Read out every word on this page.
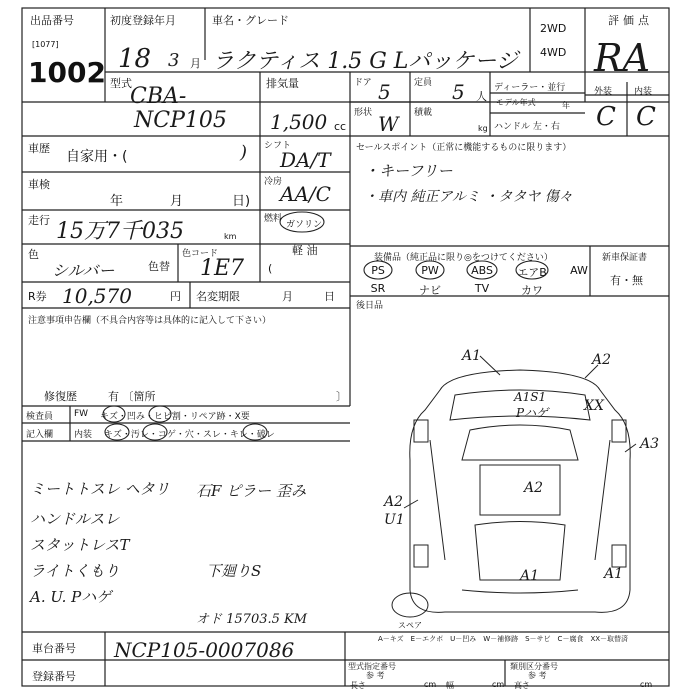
出品番号
[1077]
1002
初度登録年月
18 3 月
車名・グレード
ラクティス 1.5 G Lパッケージ
2WD
4WD
評価点
RA
型式
CBA-
NCP105
排気量
1,500 cc
ドア 5	定員 5 人
形状 W 積載
kg
ディーラー・並行
モデル年式	年
ハンドル 左・右
外装 内装
C C
車歴
自家用・(	) シフト
DA/T
車検
年	月	日)
冷房
AA/C
走行 15万7千035	km
燃料
ガソリン
軽 油
(
色
シルバー	色替
色コード
1E7
R券 10,570	円 名変期限	月	日
セールスポイント（正常に機能するものに限ります）
・キーフリー
・車内 純正アルミ ・タタヤ 傷々
装備品（純正品に限り◎をつけてください）
PS	PW	ABS	エアB	AW
SR	ナビ	TV	カワ
新車保証書
有・無
後日品
注意事項申告欄（不具合内容等は具体的に記入して下さい）
修復歴	有 〔箇所	〕
検査員
記入欄
FW キズ・凹み・ヒビ割・リペア跡・X要
内装 キズ・汚レ・コゲ・穴・スレ・キレ・破レ
ミートトスレ ヘタリ
ハンドルスレ
スタットレスT
ライトくもり
A. U. Pハゲ
石F ピラー 歪み
下廻りS
オド 15703.5 KM
A1	A2
A1S1
Pハゲ	XX
A3
A2
A2
U1
A1	A1
スペア
A－キズ　E－エクボ　U－凹み　W－補修跡　S－サビ　C－腐食　XX－取替済
車台番号 NCP105-0007086
登録番号
型式指定番号
参 考
類別区分番号
参 考
長さ	cm 幅	cm 高さ	cm
